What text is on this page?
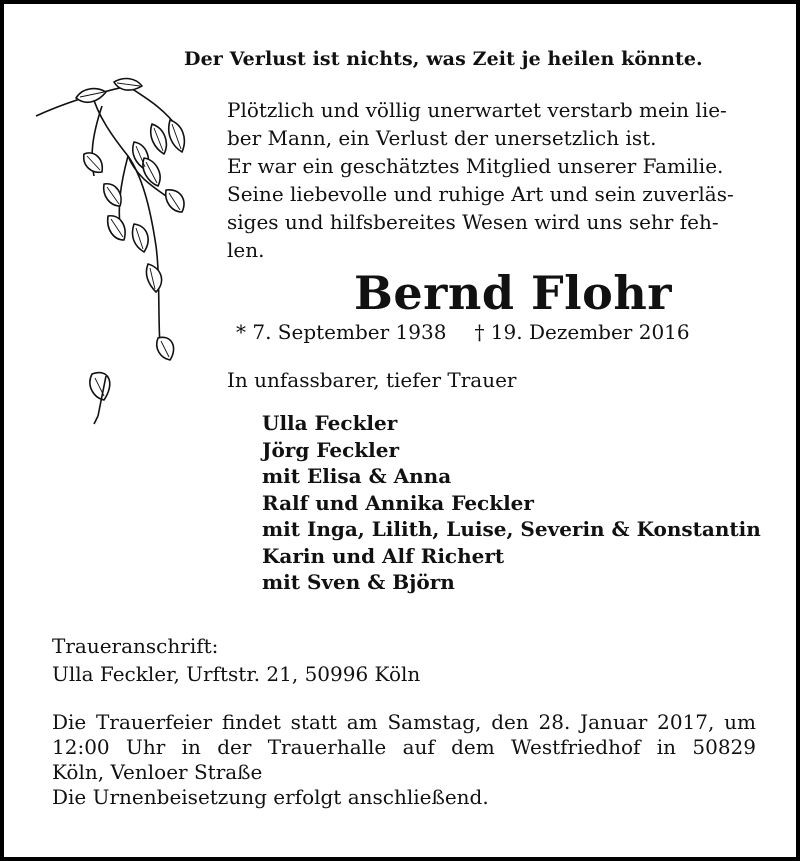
Der Verlust ist nichts, was Zeit je heilen könnte.
Plötzlich und völlig unerwartet verstarb mein lie-
ber Mann, ein Verlust der unersetzlich ist.
Er war ein geschätztes Mitglied unserer Familie.
Seine liebevolle und ruhige Art und sein zuverläs-
siges und hilfsbereites Wesen wird uns sehr feh-
len.
Bernd Flohr
* 7. September 1938 † 19. Dezember 2016
In unfassbarer, tiefer Trauer
Ulla Feckler
Jörg Feckler
mit Elisa & Anna
Ralf und Annika Feckler
mit Inga, Lilith, Luise, Severin & Konstantin
Karin und Alf Richert
mit Sven & Björn
Traueranschrift:
Ulla Feckler, Urftstr. 21, 50996 Köln
Die Trauerfeier findet statt am Samstag, den 28. Januar 2017, um
12:00 Uhr in der Trauerhalle auf dem Westfriedhof in 50829
Köln, Venloer Straße
Die Urnenbeisetzung erfolgt anschließend.
